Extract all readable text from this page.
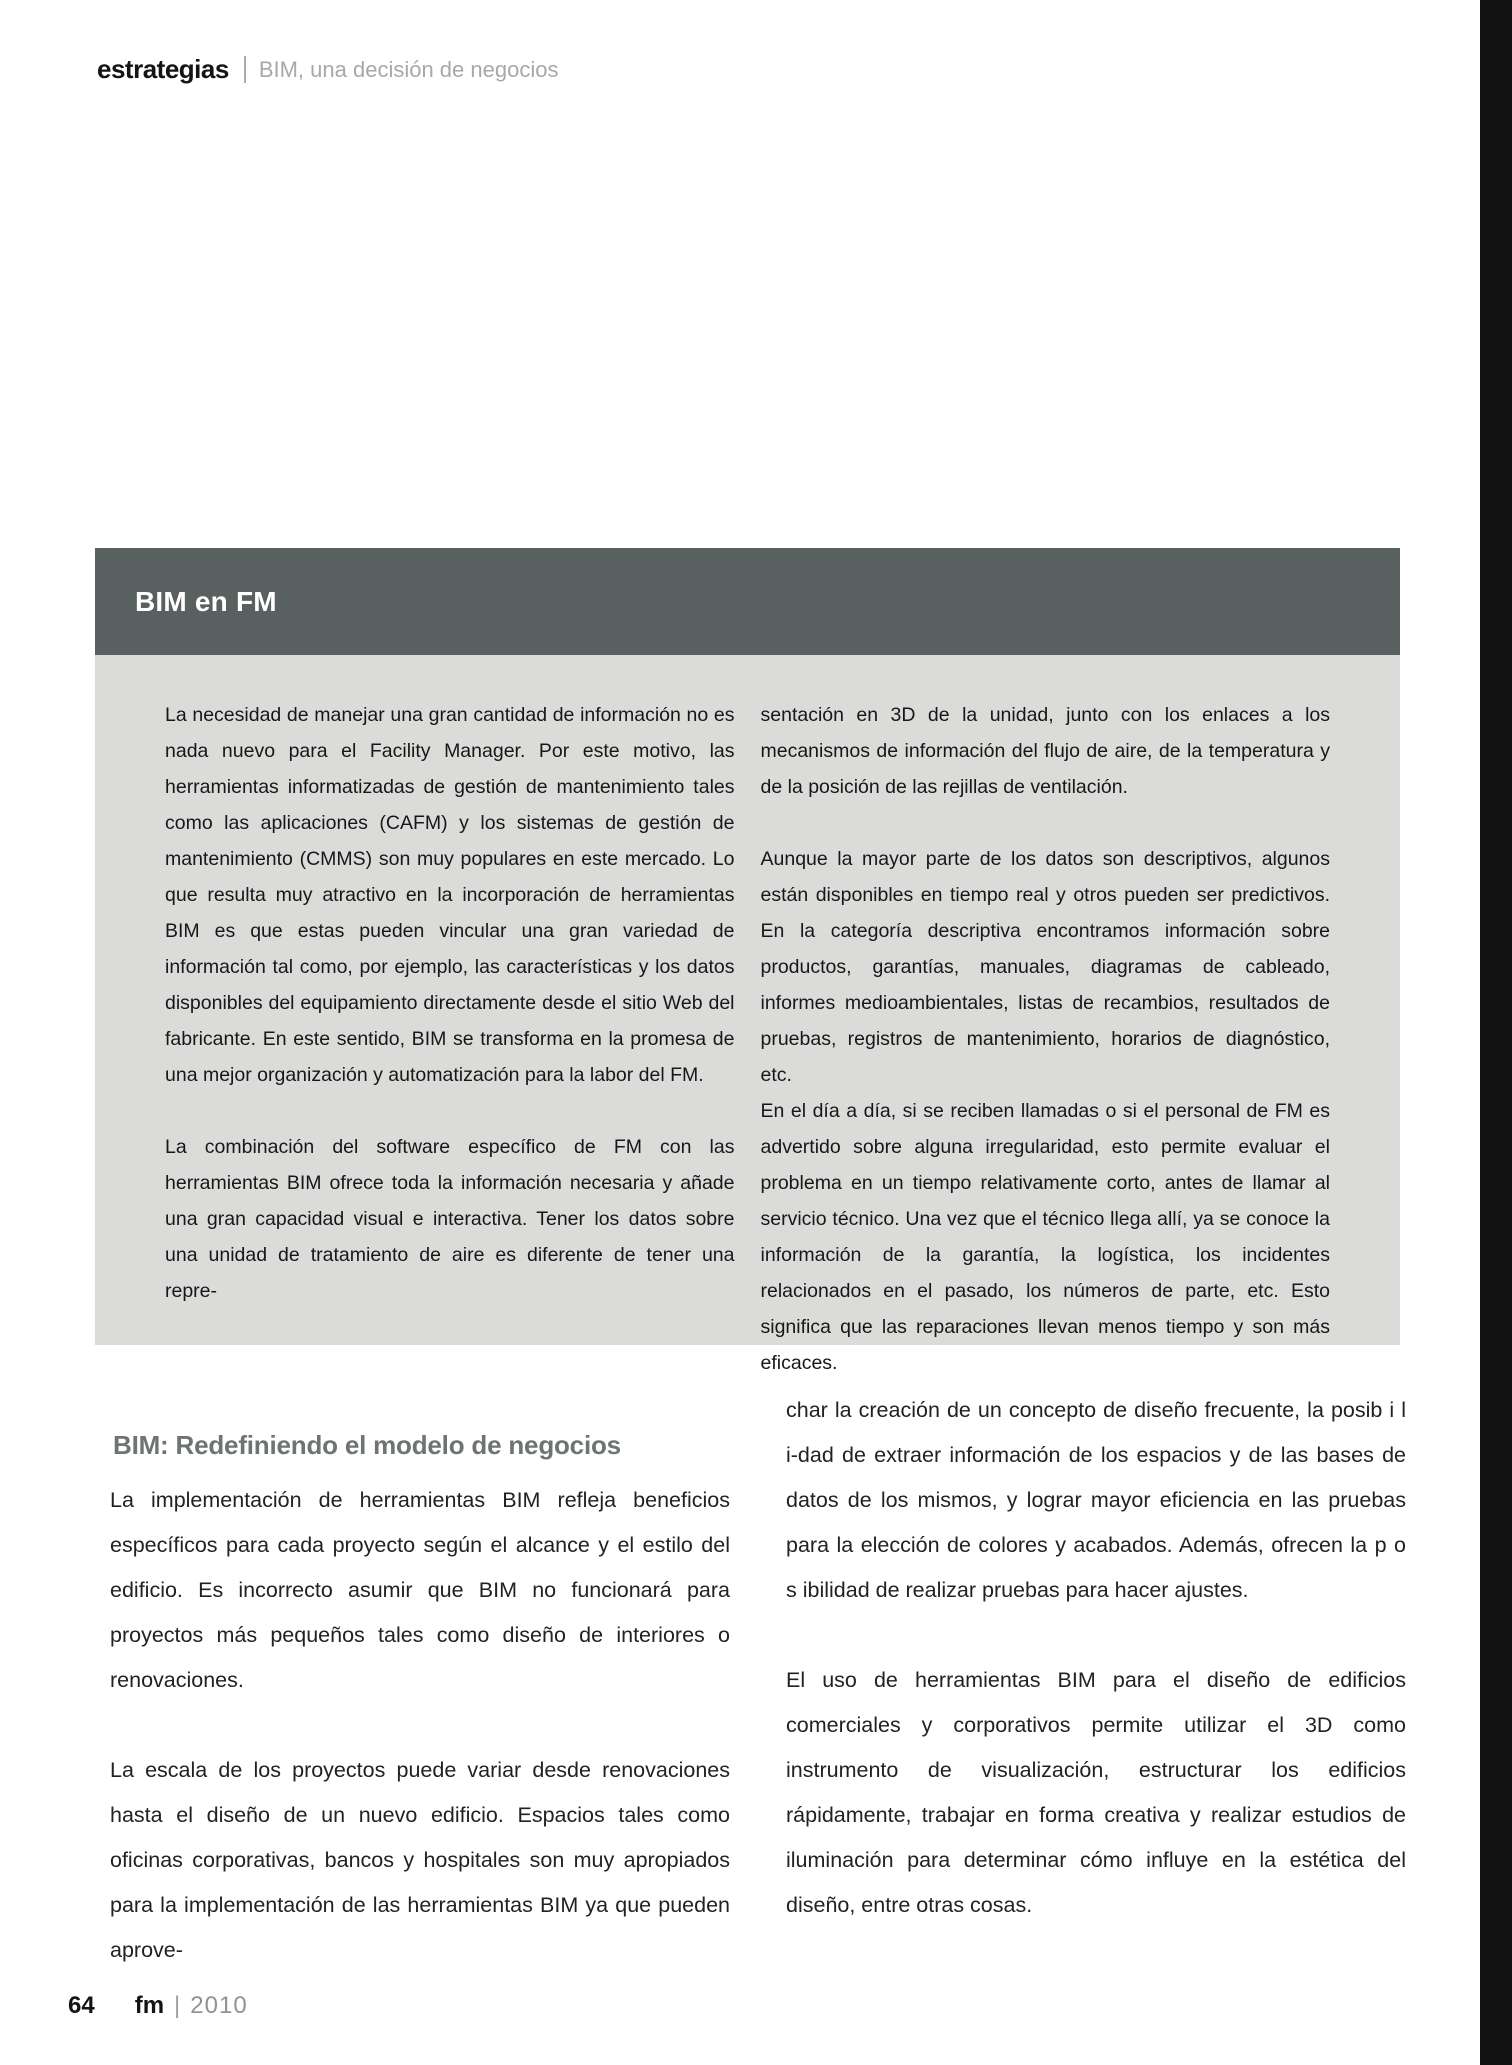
estrategias BIM, una decisión de negocios
BIM en FM

La necesidad de manejar una gran cantidad de información no es nada nuevo para el Facility Manager. Por este motivo, las herramientas informatizadas de gestión de mantenimiento tales como las aplicaciones (CAFM) y los sistemas de gestión de mantenimiento (CMMS) son muy populares en este mercado. Lo que resulta muy atractivo en la incorporación de herramientas BIM es que estas pueden vincular una gran variedad de información tal como, por ejemplo, las características y los datos disponibles del equipamiento directamente desde el sitio Web del fabricante. En este sentido, BIM se transforma en la promesa de una mejor organización y automatización para la labor del FM.

La combinación del software específico de FM con las herramientas BIM ofrece toda la información necesaria y añade una gran capacidad visual e interactiva. Tener los datos sobre una unidad de tratamiento de aire es diferente de tener una repre-

sentación en 3D de la unidad, junto con los enlaces a los mecanismos de información del flujo de aire, de la temperatura y de la posición de las rejillas de ventilación.

Aunque la mayor parte de los datos son descriptivos, algunos están disponibles en tiempo real y otros pueden ser predictivos. En la categoría descriptiva encontramos información sobre productos, garantías, manuales, diagramas de cableado, informes medioambientales, listas de recambios, resultados de pruebas, registros de mantenimiento, horarios de diagnóstico, etc.

En el día a día, si se reciben llamadas o si el personal de FM es advertido sobre alguna irregularidad, esto permite evaluar el problema en un tiempo relativamente corto, antes de llamar al servicio técnico. Una vez que el técnico llega allí, ya se conoce la información de la garantía, la logística, los incidentes relacionados en el pasado, los números de parte, etc. Esto significa que las reparaciones llevan menos tiempo y son más eficaces.

BIM: Redefiniendo el modelo de negocios

La implementación de herramientas BIM refleja beneficios específicos para cada proyecto según el alcance y el estilo del edificio. Es incorrecto asumir que BIM no funcionará para proyectos más pequeños tales como diseño de interiores o renovaciones.

La escala de los proyectos puede variar desde renovaciones hasta el diseño de un nuevo edificio. Espacios tales como oficinas corporativas, bancos y hospitales son muy apropiados para la implementación de las herramientas BIM ya que pueden aprove-

char la creación de un concepto de diseño frecuente, la posib i l i-dad de extraer información de los espacios y de las bases de datos de los mismos, y lograr mayor eficiencia en las pruebas para la elección de colores y acabados. Además, ofrecen la p o s ibilidad de realizar pruebas para hacer ajustes.

El uso de herramientas BIM para el diseño de edificios comerciales y corporativos permite utilizar el 3D como instrumento de visualización, estructurar los edificios rápidamente, trabajar en forma creativa y realizar estudios de iluminación para determinar cómo influye en la estética del diseño, entre otras cosas.

64 fm | 2010
